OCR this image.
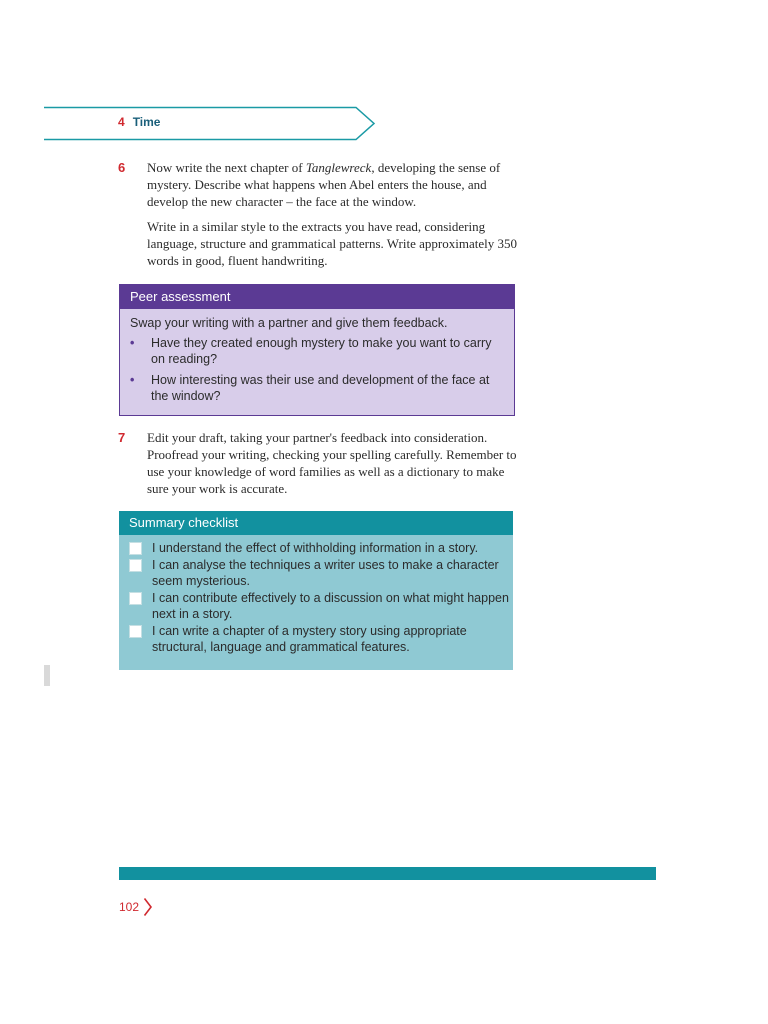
4 Time
6 Now write the next chapter of Tanglewreck, developing the sense of mystery. Describe what happens when Abel enters the house, and develop the new character – the face at the window.

Write in a similar style to the extracts you have read, considering language, structure and grammatical patterns. Write approximately 350 words in good, fluent handwriting.

Peer assessment
Swap your writing with a partner and give them feedback.
• Have they created enough mystery to make you want to carry on reading?
• How interesting was their use and development of the face at the window?
7 Edit your draft, taking your partner's feedback into consideration. Proofread your writing, checking your spelling carefully. Remember to use your knowledge of word families as well as a dictionary to make sure your work is accurate.

Summary checklist
I understand the effect of withholding information in a story.
I can analyse the techniques a writer uses to make a character seem mysterious.
I can contribute effectively to a discussion on what might happen next in a story.
I can write a chapter of a mystery story using appropriate structural, language and grammatical features.
102
